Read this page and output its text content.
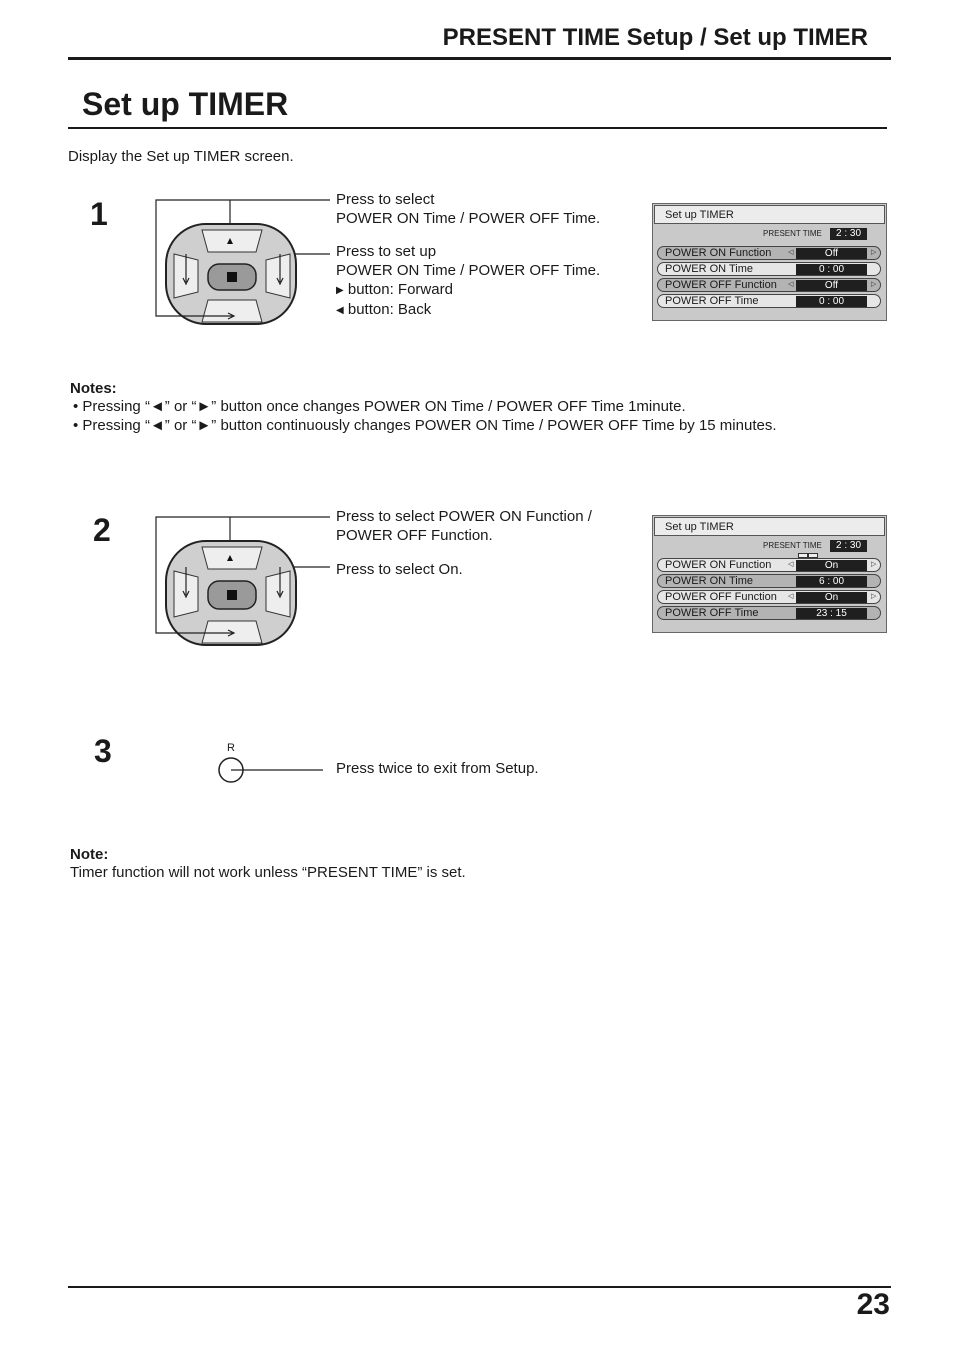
PRESENT TIME Setup / Set up TIMER
Set up TIMER
Display the Set up TIMER screen.
1	Press to select
POWER ON Time / POWER OFF Time.
Press to set up
POWER ON Time / POWER OFF Time.
▶ button: Forward
◀ button: Back
Set up TIMER
PRESENT TIME	2 : 30
POWER ON Function ◁	Off	▷
POWER ON Time	0 : 00
POWER OFF Function ◁	Off	▷
POWER OFF Time	0 : 00
Notes:
• Pressing “◄” or “►” button once changes POWER ON Time / POWER OFF Time 1minute.
• Pressing “◄” or “►” button continuously changes POWER ON Time / POWER OFF Time by 15 minutes.
2	Press to select POWER ON Function /
POWER OFF Function.
Press to select On.
Set up TIMER
PRESENT TIME	2 : 30
POWER ON Function ◁	On	▷
POWER ON Time	6 : 00
POWER OFF Function ◁	On	▷
POWER OFF Time	23 : 15
3	R
Press twice to exit from Setup.
Note:
Timer function will not work unless “PRESENT TIME” is set.
23
